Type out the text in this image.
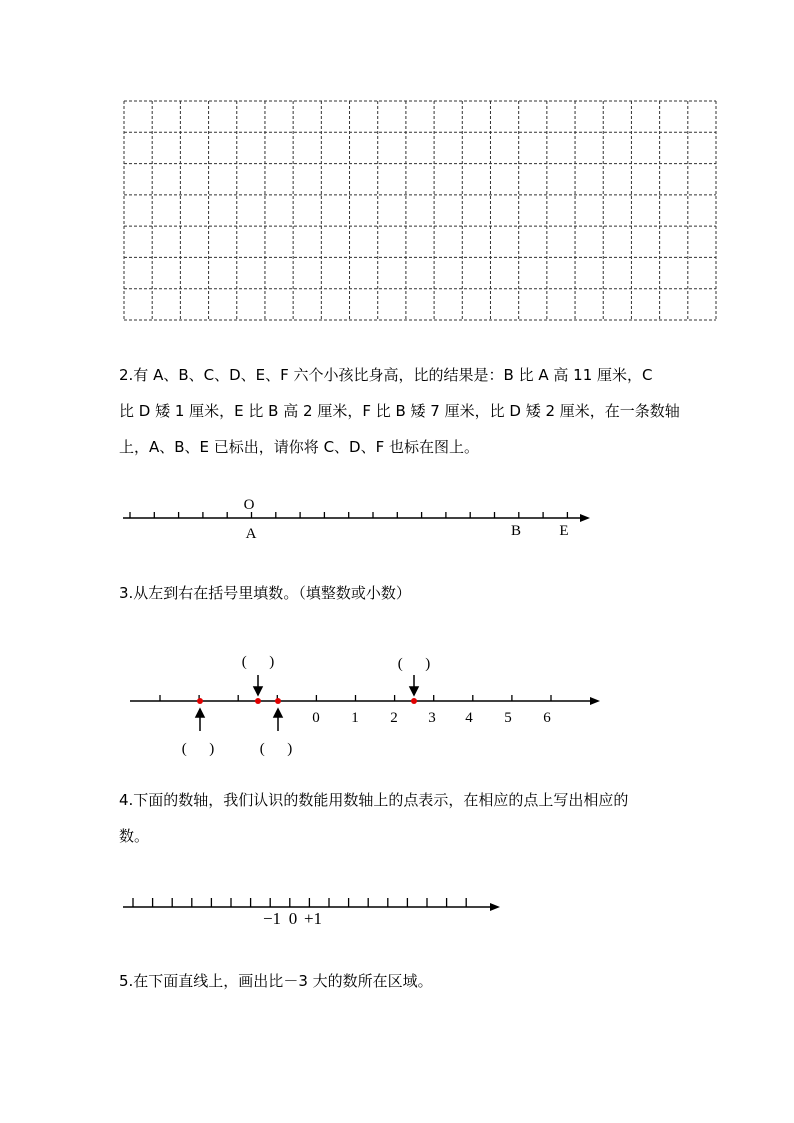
2.有 A、B、C、D、E、F 六个小孩比身高，比的结果是：B 比 A 高 11 厘米，C
比 D 矮 1 厘米，E 比 B 高 2 厘米，F 比 B 矮 7 厘米，比 D 矮 2 厘米，在一条数轴
上，A、B、E 已标出，请你将 C、D、F 也标在图上。
O
A	B	E
3.从左到右在括号里填数。（填整数或小数）
0 1 2 3 4 5 6
(      )	(      )
(      )	(      )
4.下面的数轴，我们认识的数能用数轴上的点表示，在相应的点上写出相应的
数。
−1 0 +1
5.在下面直线上，画出比－3 大的数所在区域。
